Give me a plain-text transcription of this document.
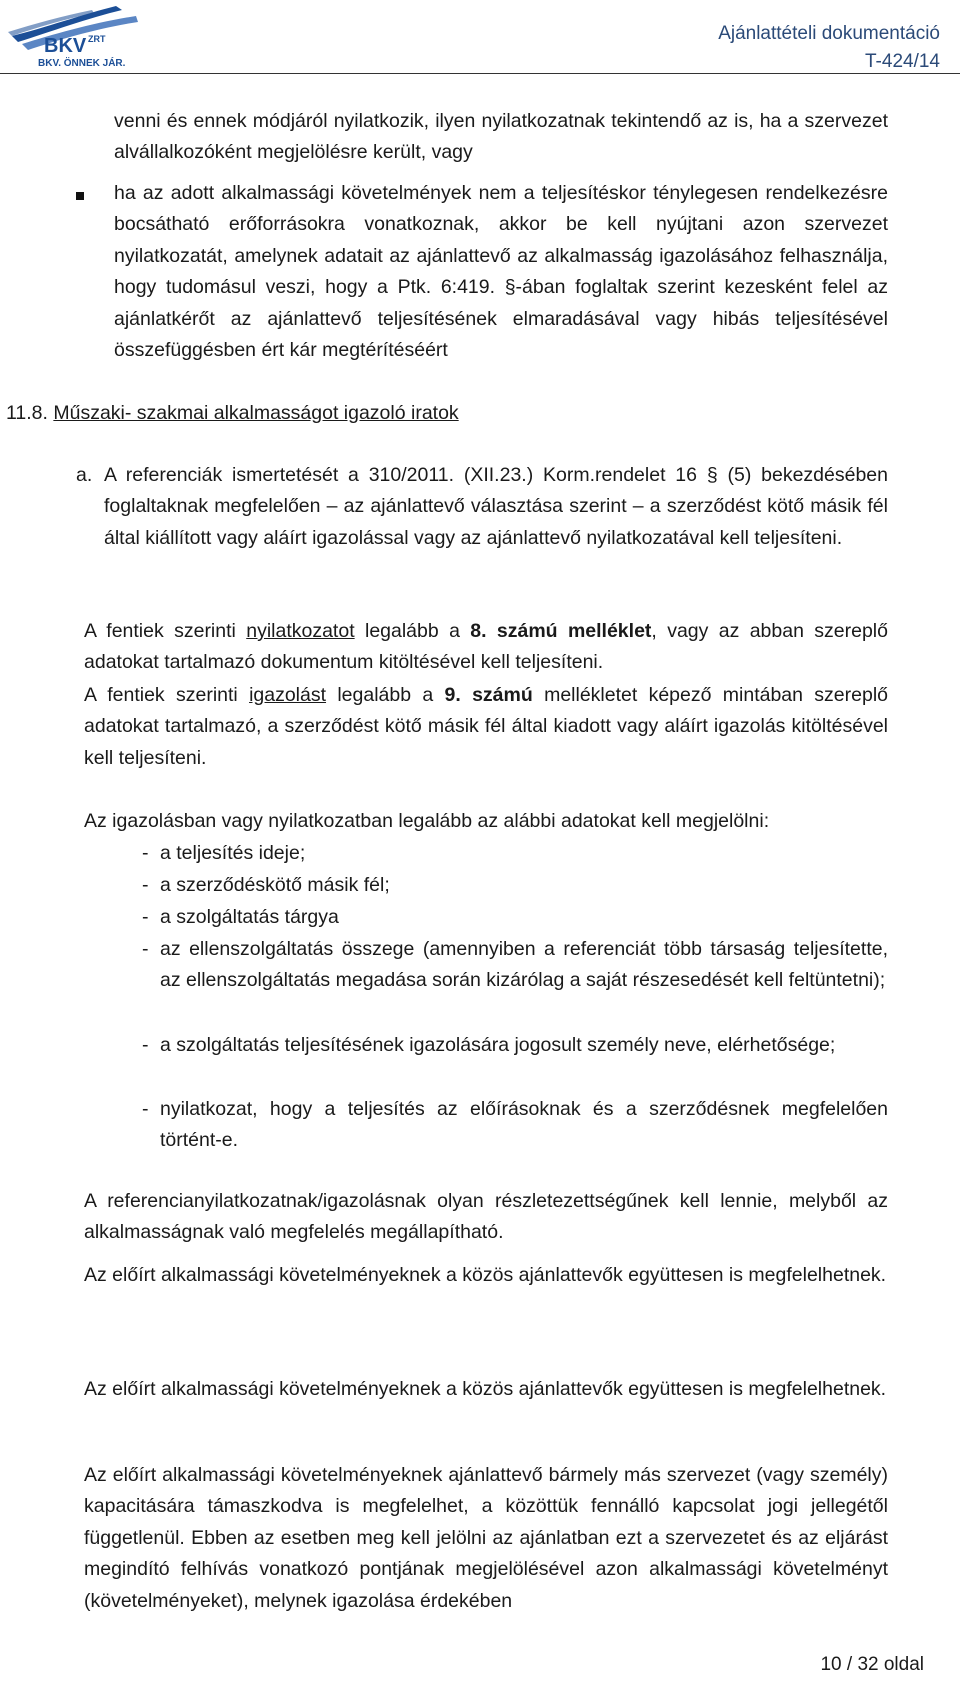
BKV ZRT
BKV. ÖNNEK JÁR.
Ajánlattételi dokumentáció
T-424/14

venni és ennek módjáról nyilatkozik, ilyen nyilatkozatnak tekintendő az is, ha a szervezet alvállalkozóként megjelölésre került, vagy

ha az adott alkalmassági követelmények nem a teljesítéskor ténylegesen rendelkezésre bocsátható erőforrásokra vonatkoznak, akkor be kell nyújtani azon szervezet nyilatkozatát, amelynek adatait az ajánlattevő az alkalmasság igazolásához felhasználja, hogy tudomásul veszi, hogy a Ptk. 6:419. §-ában foglaltak szerint kezesként felel az ajánlatkérőt az ajánlattevő teljesítésének elmaradásával vagy hibás teljesítésével összefüggésben ért kár megtérítéséért

11.8. Műszaki- szakmai alkalmasságot igazoló iratok
a. A referenciák ismertetését a 310/2011. (XII.23.) Korm.rendelet 16 § (5) bekezdésében foglaltaknak megfelelően – az ajánlattevő választása szerint – a szerződést kötő másik fél által kiállított vagy aláírt igazolással vagy az ajánlattevő nyilatkozatával kell teljesíteni.

A fentiek szerinti nyilatkozatot legalább a 8. számú melléklet, vagy az abban szereplő adatokat tartalmazó dokumentum kitöltésével kell teljesíteni.

A fentiek szerinti igazolást legalább a 9. számú mellékletet képező mintában szereplő adatokat tartalmazó, a szerződést kötő másik fél által kiadott vagy aláírt igazolás kitöltésével kell teljesíteni.

Az igazolásban vagy nyilatkozatban legalább az alábbi adatokat kell megjelölni:

- a teljesítés ideje;

- a szerződéskötő másik fél;

- a szolgáltatás tárgya

- az ellenszolgáltatás összege (amennyiben a referenciát több társaság teljesítette, az ellenszolgáltatás megadása során kizárólag a saját részesedését kell feltüntetni);

- a szolgáltatás teljesítésének igazolására jogosult személy neve, elérhetősége;

- nyilatkozat, hogy a teljesítés az előírásoknak és a szerződésnek megfelelően történt-e.

A referencianyilatkozatnak/igazolásnak olyan részletezettségűnek kell lennie, melyből az alkalmasságnak való megfelelés megállapítható.

Az előírt alkalmassági követelményeknek a közös ajánlattevők együttesen is megfelelhetnek.

Az előírt alkalmassági követelményeknek a közös ajánlattevők együttesen is megfelelhetnek.

Az előírt alkalmassági követelményeknek ajánlattevő bármely más szervezet (vagy személy) kapacitására támaszkodva is megfelelhet, a közöttük fennálló kapcsolat jogi jellegétől függetlenül. Ebben az esetben meg kell jelölni az ajánlatban ezt a szervezetet és az eljárást megindító felhívás vonatkozó pontjának megjelölésével azon alkalmassági követelményt (követelményeket), melynek igazolása érdekében

10 / 32 oldal
